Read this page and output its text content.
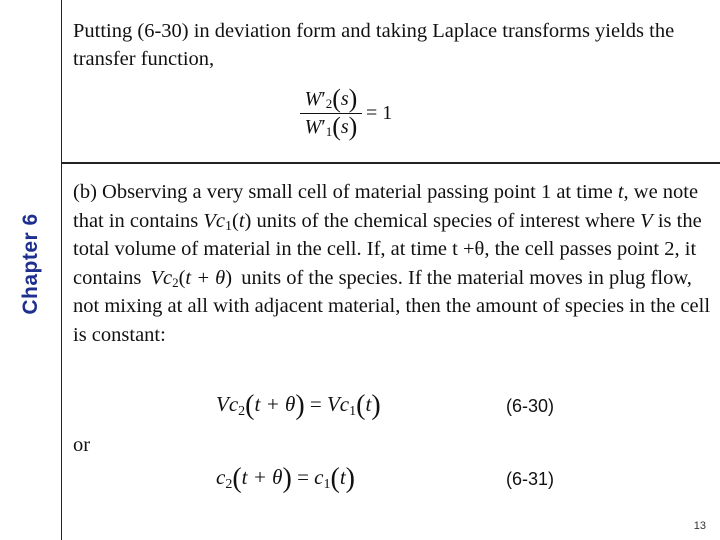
Chapter 6
Putting (6-30) in deviation form and taking Laplace transforms yields the transfer function,
$\frac{W'_2(s)}{W'_1(s)} = 1$
(b) Observing a very small cell of material passing point 1 at time t, we note that in contains $Vc_1(t)$ units of the chemical species of interest where V is the total volume of material in the cell. If, at time t +θ, the cell passes point 2, it contains $Vc_2(t + \theta)$ units of the species. If the material moves in plug flow, not mixing at all with adjacent material, then the amount of species in the cell is constant:
$Vc_2(t + \theta) = Vc_1(t)$	(6-30)
or
$c_2(t + \theta) = c_1(t)$	(6-31)
13
